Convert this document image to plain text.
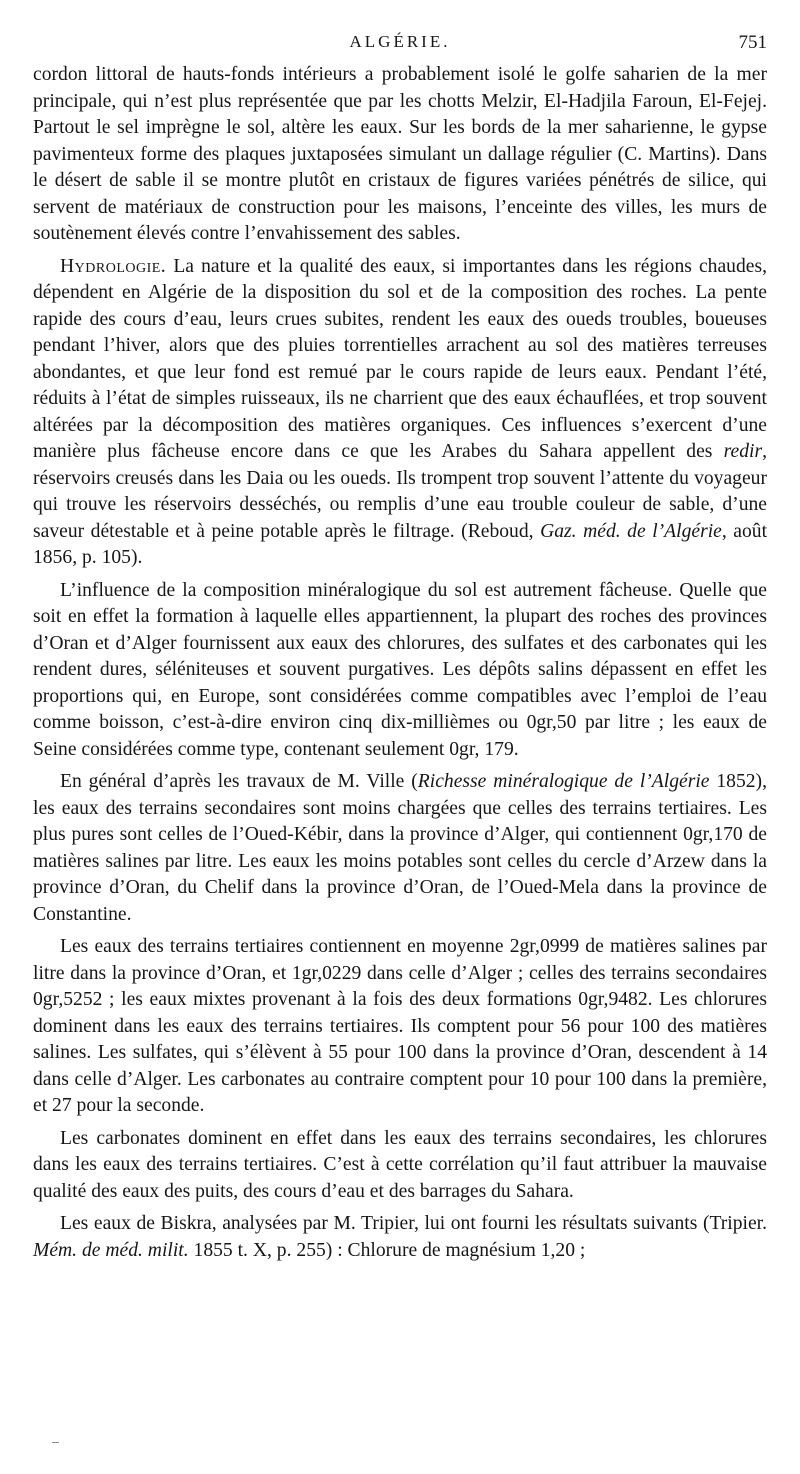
ALGÉRIE.	751

cordon littoral de hauts-fonds intérieurs a probablement isolé le golfe saharien de la mer principale, qui n’est plus représentée que par les chotts Melzir, El-Hadjila Faroun, El-Fejej. Partout le sel imprègne le sol, altère les eaux. Sur les bords de la mer saharienne, le gypse pavimenteux forme des plaques juxtaposées simulant un dallage régulier (C. Martins). Dans le désert de sable il se montre plutôt en cristaux de figures variées pénétrés de silice, qui servent de matériaux de construction pour les maisons, l’enceinte des villes, les murs de soutènement élevés contre l’envahissement des sables.

Hydrologie. La nature et la qualité des eaux, si importantes dans les régions chaudes, dépendent en Algérie de la disposition du sol et de la composition des roches. La pente rapide des cours d’eau, leurs crues subites, rendent les eaux des oueds troubles, boueuses pendant l’hiver, alors que des pluies torrentielles arrachent au sol des matières terreuses abondantes, et que leur fond est remué par le cours rapide de leurs eaux. Pendant l’été, réduits à l’état de simples ruisseaux, ils ne charrient que des eaux échauflées, et trop souvent altérées par la décomposition des matières organiques. Ces influences s’exercent d’une manière plus fâcheuse encore dans ce que les Arabes du Sahara appellent des redir, réservoirs creusés dans les Daia ou les oueds. Ils trompent trop souvent l’attente du voyageur qui trouve les réservoirs desséchés, ou remplis d’une eau trouble couleur de sable, d’une saveur détestable et à peine potable après le filtrage. (Reboud, Gaz. méd. de l’Algérie, août 1856, p. 105).

L’influence de la composition minéralogique du sol est autrement fâcheuse. Quelle que soit en effet la formation à laquelle elles appartiennent, la plupart des roches des provinces d’Oran et d’Alger fournissent aux eaux des chlorures, des sulfates et des carbonates qui les rendent dures, séléniteuses et souvent purgatives. Les dépôts salins dépassent en effet les proportions qui, en Europe, sont considérées comme compatibles avec l’emploi de l’eau comme boisson, c’est-à-dire environ cinq dix-millièmes ou 0gr,50 par litre ; les eaux de Seine considérées comme type, contenant seulement 0gr, 179.

En général d’après les travaux de M. Ville (Richesse minéralogique de l’Algérie 1852), les eaux des terrains secondaires sont moins chargées que celles des terrains tertiaires. Les plus pures sont celles de l’Oued-Kébir, dans la province d’Alger, qui contiennent 0gr,170 de matières salines par litre. Les eaux les moins potables sont celles du cercle d’Arzew dans la province d’Oran, du Chelif dans la province d’Oran, de l’Oued-Mela dans la province de Constantine.

Les eaux des terrains tertiaires contiennent en moyenne 2gr,0999 de matières salines par litre dans la province d’Oran, et 1gr,0229 dans celle d’Alger ; celles des terrains secondaires 0gr,5252 ; les eaux mixtes provenant à la fois des deux formations 0gr,9482. Les chlorures dominent dans les eaux des terrains tertiaires. Ils comptent pour 56 pour 100 des matières salines. Les sulfates, qui s’élèvent à 55 pour 100 dans la province d’Oran, descendent à 14 dans celle d’Alger. Les carbonates au contraire comptent pour 10 pour 100 dans la première, et 27 pour la seconde.

Les carbonates dominent en effet dans les eaux des terrains secondaires, les chlorures dans les eaux des terrains tertiaires. C’est à cette corrélation qu’il faut attribuer la mauvaise qualité des eaux des puits, des cours d’eau et des barrages du Sahara.

Les eaux de Biskra, analysées par M. Tripier, lui ont fourni les résultats suivants (Tripier. Mém. de méd. milit. 1855 t. X, p. 255) : Chlorure de magnésium 1,20 ;
